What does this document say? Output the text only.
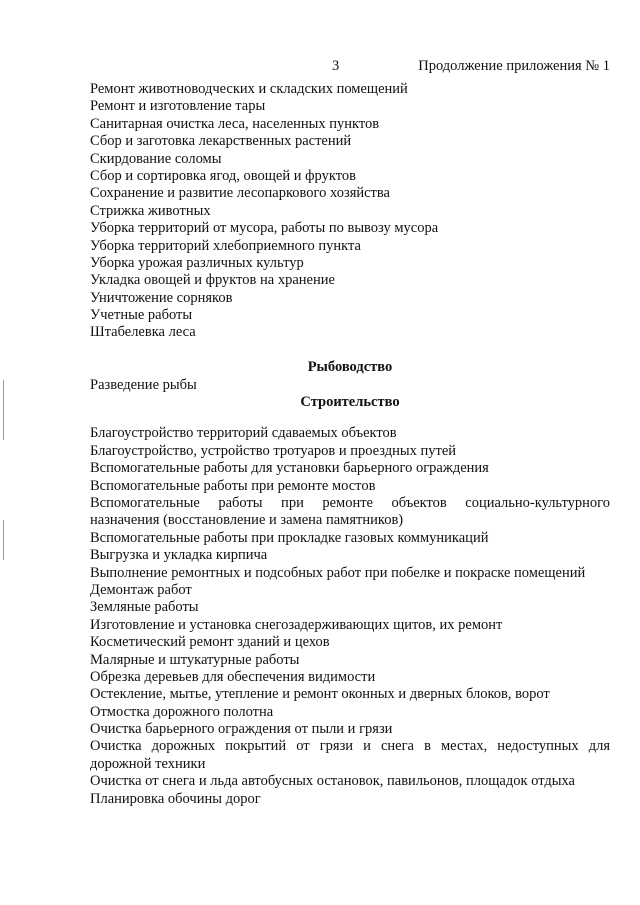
3	Продолжение приложения № 1
Ремонт животноводческих и складских помещений
Ремонт и изготовление тары
Санитарная очистка леса, населенных пунктов
Сбор и заготовка лекарственных растений
Скирдование соломы
Сбор и сортировка ягод, овощей и фруктов
Сохранение и развитие лесопаркового хозяйства
Стрижка животных
Уборка территорий от мусора, работы по вывозу мусора
Уборка территорий хлебоприемного пункта
Уборка урожая различных культур
Укладка овощей и фруктов на хранение
Уничтожение сорняков
Учетные работы
Штабелевка леса
Рыбоводство
Разведение рыбы
Строительство
Благоустройство территорий сдаваемых объектов
Благоустройство, устройство тротуаров и проездных путей
Вспомогательные работы для установки барьерного ограждения
Вспомогательные работы при ремонте мостов
Вспомогательные работы при ремонте объектов социально-культурного
назначения (восстановление и замена памятников)
Вспомогательные работы при прокладке газовых коммуникаций
Выгрузка и укладка кирпича
Выполнение ремонтных и подсобных работ при побелке и покраске помещений
Демонтаж работ
Земляные работы
Изготовление и установка снегозадерживающих щитов, их ремонт
Косметический ремонт зданий и цехов
Малярные и штукатурные работы
Обрезка деревьев для обеспечения видимости
Остекление, мытье, утепление и ремонт оконных и дверных блоков, ворот
Отмостка дорожного полотна
Очистка барьерного ограждения от пыли и грязи
Очистка дорожных покрытий от грязи и снега в местах, недоступных для
дорожной техники
Очистка от снега и льда автобусных остановок, павильонов, площадок отдыха
Планировка обочины дорог
